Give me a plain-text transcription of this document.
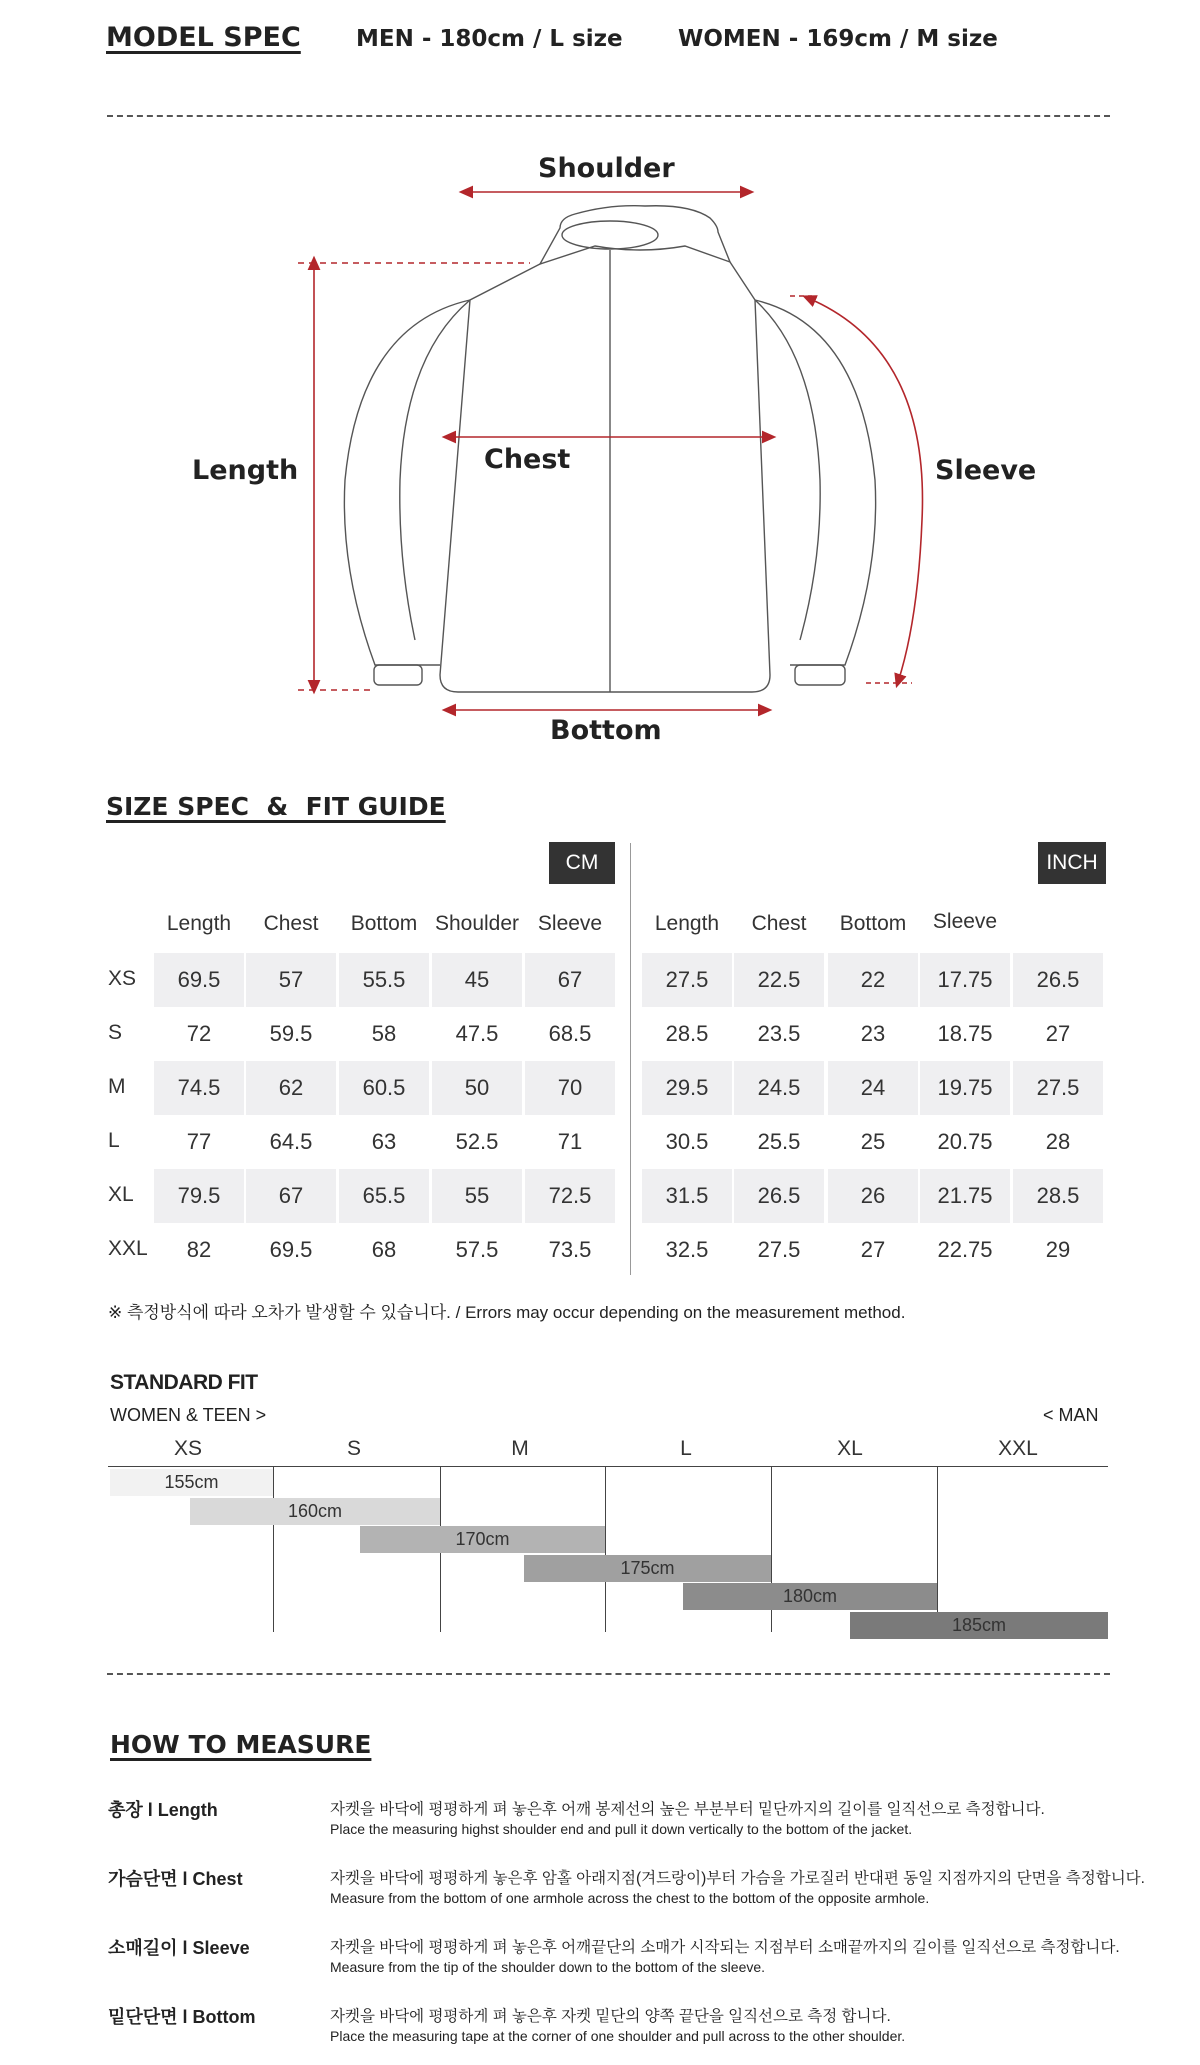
MODEL SPEC MEN - 180cm / L size WOMEN - 169cm / M size
Shoulder
Length	Chest	Sleeve
Bottom
SIZE SPEC  &  FIT GUIDE
CM	INCH
Length	Chest	Bottom Shoulder Sleeve	Length	Chest	Bottom	Sleeve
XS	69.5	57	55.5	45	67	27.5	22.5	22	17.75	26.5
S	72	59.5	58	47.5	68.5	28.5	23.5	23	18.75	27
M	74.5	62	60.5	50	70	29.5	24.5	24	19.75	27.5
L	77	64.5	63	52.5	71	30.5	25.5	25	20.75	28
XL	79.5	67	65.5	55	72.5	31.5	26.5	26	21.75	28.5
XXL	82	69.5	68	57.5	73.5	32.5	27.5	27	22.75	29
※ 측정방식에 따라 오차가 발생할 수 있습니다. / Errors may occur depending on the measurement method.
STANDARD FIT
WOMEN & TEEN >	< MAN
XS	S	M	L	XL	XXL
155cm
160cm
170cm
175cm
180cm
185cm
HOW TO MEASURE
총장 l Length	자켓을 바닥에 평평하게 펴 놓은후 어깨 봉제선의 높은 부분부터 밑단까지의 길이를 일직선으로 측정합니다.
Place the measuring highst shoulder end and pull it down vertically to the bottom of the jacket.
가슴단면 l Chest	자켓을 바닥에 평평하게 놓은후 암홀 아래지점(겨드랑이)부터 가슴을 가로질러 반대편 동일 지점까지의 단면을 측정합니다.
Measure from the bottom of one armhole across the chest to the bottom of the opposite armhole.
소매길이 l Sleeve	자켓을 바닥에 평평하게 펴 놓은후 어깨끝단의 소매가 시작되는 지점부터 소매끝까지의 길이를 일직선으로 측정합니다.
Measure from the tip of the shoulder down to the bottom of the sleeve.
밑단단면 l Bottom	자켓을 바닥에 평평하게 펴 놓은후 자켓 밑단의 양쪽 끝단을 일직선으로 측정 합니다.
Place the measuring tape at the corner of one shoulder and pull across to the other shoulder.
